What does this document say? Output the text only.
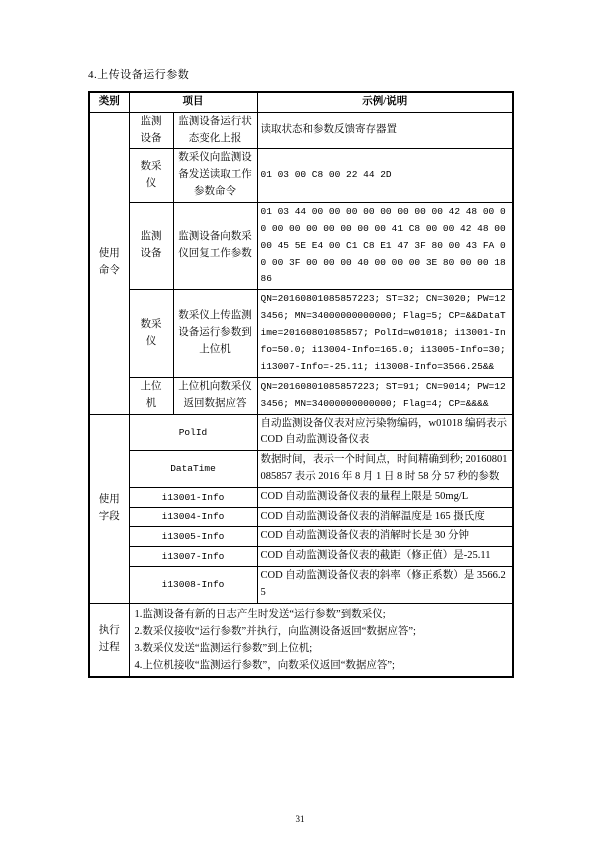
4.上传设备运行参数
类别	项目		示例/说明
使用命令	监测设备	监测设备运行状态变化上报	读取状态和参数反馈寄存器置
	数采仪	数采仪向监测设备发送读取工作参数命令	01 03 00 C8 00 22 44 2D
	监测设备	监测设备向数采仪回复工作参数	01 03 44 00 00 00 00 00 00 00 00 42 48 00 00 00 00 00 00 00 00 00 41 C8 00 00 42 48 00 00 45 5E E4 00 C1 C8 E1 47 3F 80 00 43 FA 00 00 3F 00 00 00 40 00 00 00 3E 80 00 00 18 86
	数采仪	数采仪上传监测设备运行参数到上位机	QN=20160801085857223; ST=32; CN=3020; PW=123456; MN=34000000000000; Flag=5; CP=&&DataTime=20160801085857; PolId=w01018; i13001-Info=50.0; i13004-Info=165.0; i13005-Info=30; i13007-Info=-25.11; i13008-Info=3566.25&&
	上位机	上位机向数采仪返回数据应答	QN=20160801085857223; ST=91; CN=9014; PW=123456; MN=34000000000000; Flag=4; CP=&&&&
使用字段	PolId		自动监测设备仪表对应污染物编码，w01018 编码表示 COD 自动监测设备仪表
	DataTime		数据时间，表示一个时间点，时间精确到秒; 20160801085857 表示 2016 年 8 月 1 日 8 时 58 分 57 秒的参数
	i13001-Info		COD 自动监测设备仪表的量程上限是 50mg/L
	i13004-Info		COD 自动监测设备仪表的消解温度是 165 摄氏度
	i13005-Info		COD 自动监测设备仪表的消解时长是 30 分钟
	i13007-Info		COD 自动监测设备仪表的截距（修正值）是-25.11
	i13008-Info		COD 自动监测设备仪表的斜率（修正系数）是 3566.25
执行过程	1.监测设备有新的日志产生时发送“运行参数”到数采仪;
2.数采仪接收“运行参数”并执行，向监测设备返回“数据应答”;
3.数采仪发送“监测运行参数”到上位机;
4.上位机接收“监测运行参数”，向数采仪返回“数据应答”;		
31
